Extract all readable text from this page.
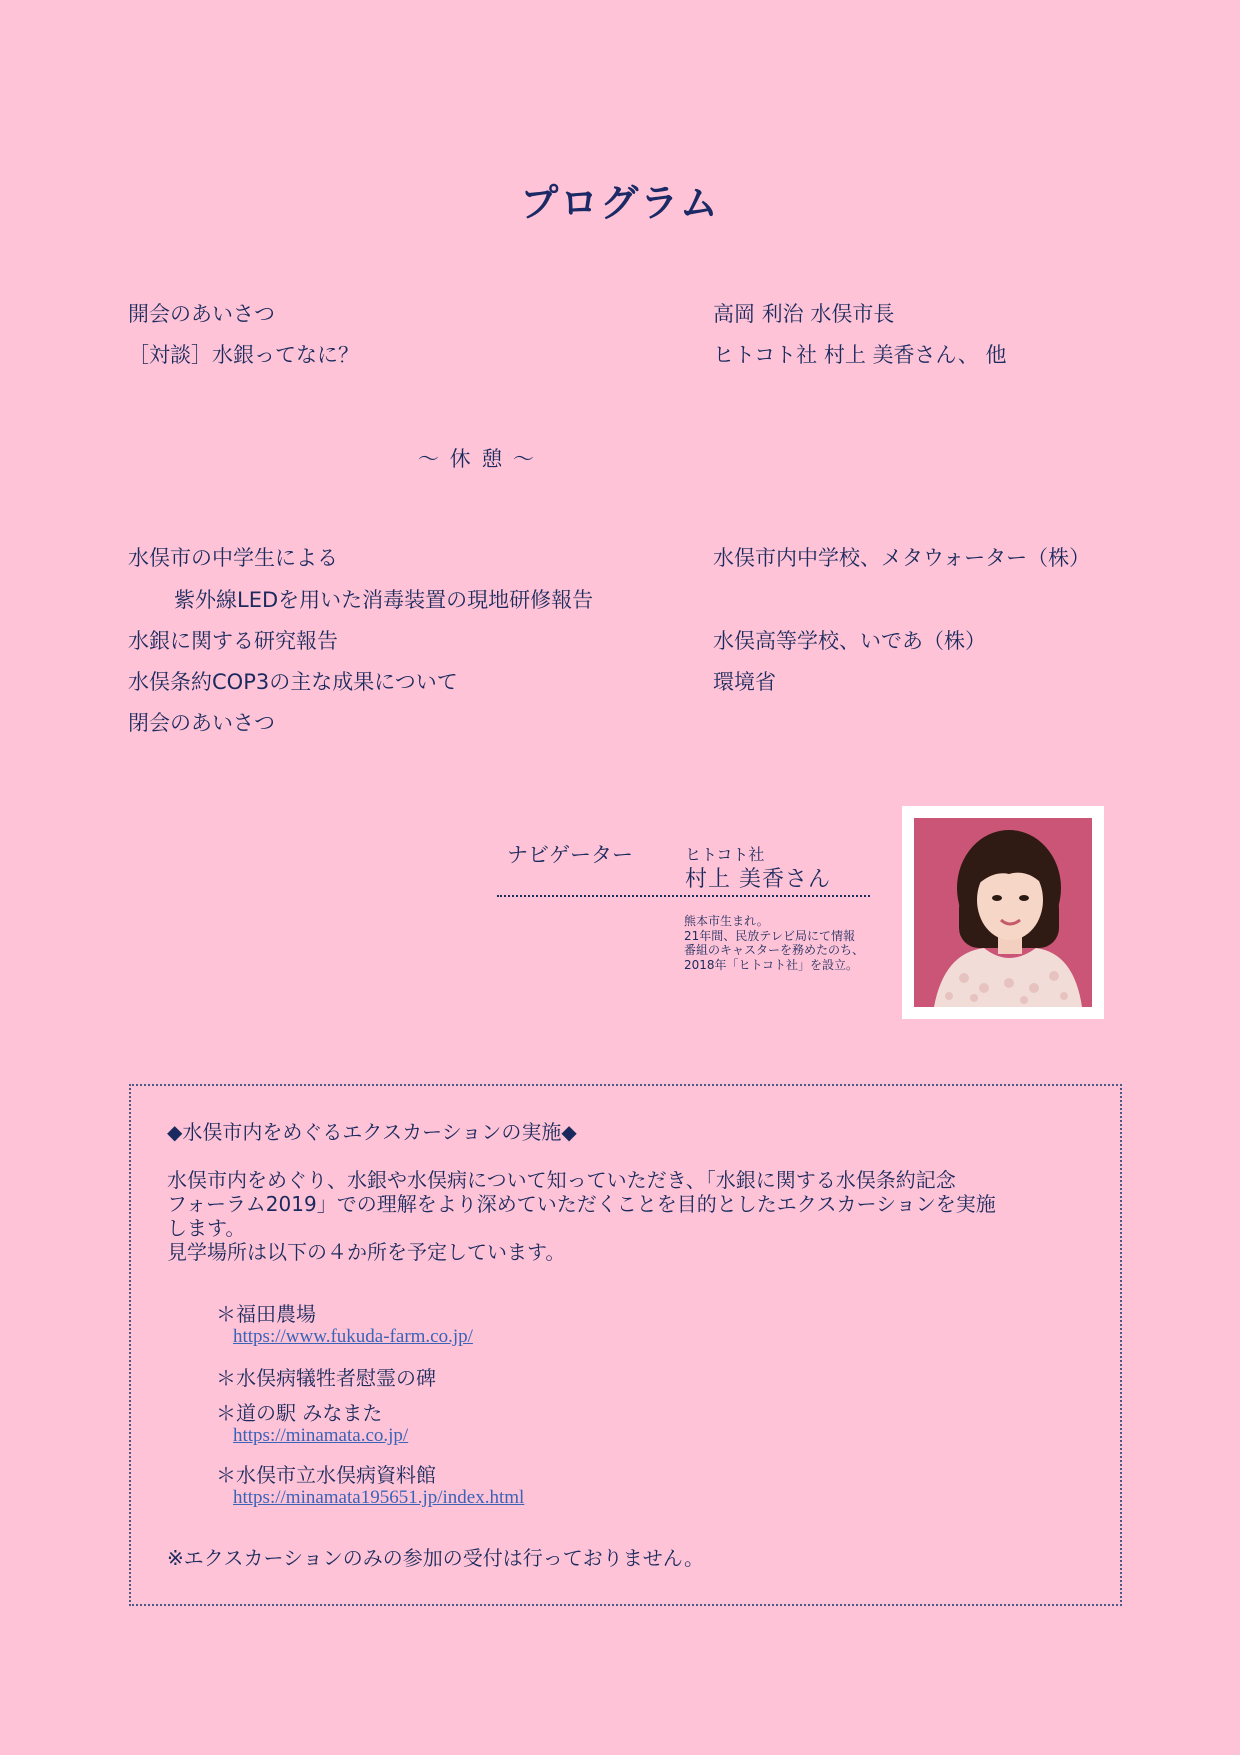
プログラム
開会のあいさつ	高岡 利治 水俣市長
［対談］水銀ってなに？	ヒトコト社 村上 美香さん、 他
～ 休 憩 ～
水俣市の中学生による	水俣市内中学校、メタウォーター（株）
紫外線LEDを用いた消毒装置の現地研修報告
水銀に関する研究報告	水俣高等学校、いであ（株）
水俣条約COP3の主な成果について	環境省
閉会のあいさつ
ナビゲーター	ヒトコト社
村上 美香さん
熊本市生まれ。
21年間、民放テレビ局にて情報
番組のキャスターを務めたのち、
2018年「ヒトコト社」を設立。
◆水俣市内をめぐるエクスカーションの実施◆
水俣市内をめぐり、水銀や水俣病について知っていただき、「水銀に関する水俣条約記念
フォーラム2019」での理解をより深めていただくことを目的としたエクスカーションを実施
します。
見学場所は以下の４か所を予定しています。
＊福田農場
https://www.fukuda-farm.co.jp/
＊水俣病犠牲者慰霊の碑
＊道の駅 みなまた
https://minamata.co.jp/
＊水俣市立水俣病資料館
https://minamata195651.jp/index.html
※エクスカーションのみの参加の受付は行っておりません。
